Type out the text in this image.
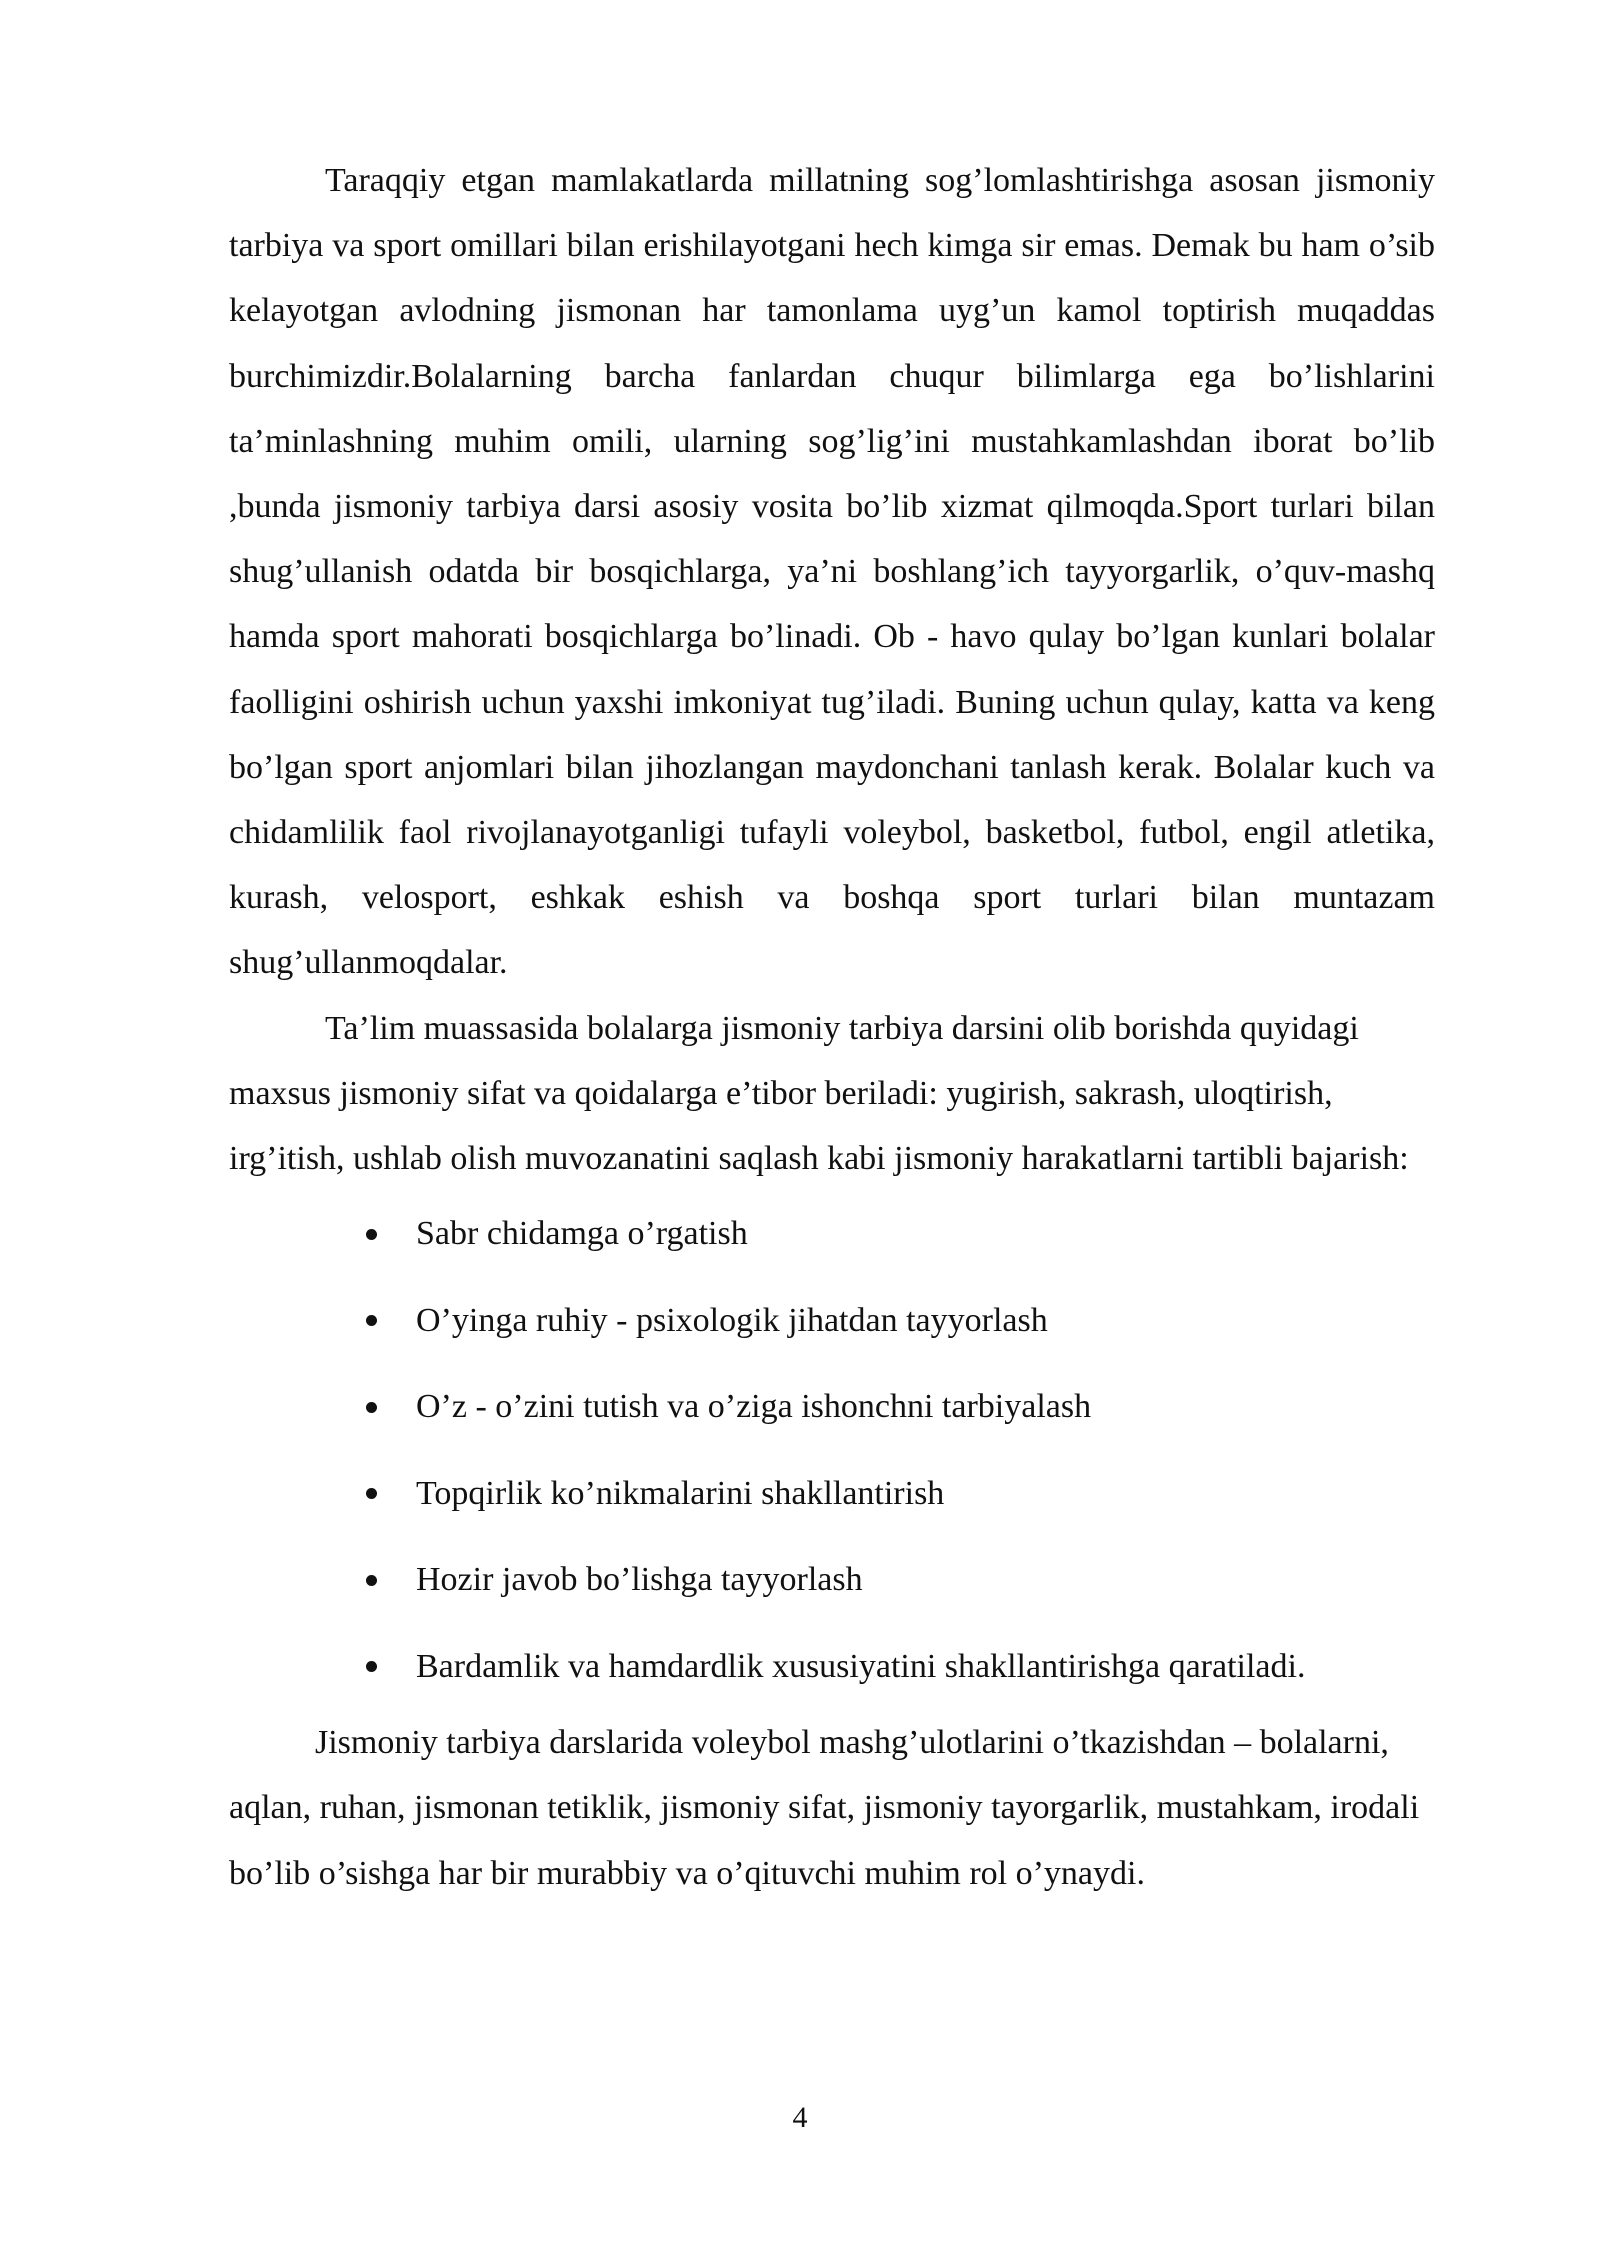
Taraqqiy etgan mamlakatlarda millatning sog’lomlashtirishga asosan jismoniy tarbiya va sport omillari bilan erishilayotgani hech kimga sir emas. Demak bu ham o’sib kelayotgan avlodning jismonan har tamonlama uyg’un kamol toptirish muqaddas burchimizdir.Bolalarning barcha fanlardan chuqur bilimlarga ega bo’lishlarini ta’minlashning muhim omili, ularning sog’lig’ini mustahkamlashdan iborat bo’lib ,bunda jismoniy tarbiya darsi asosiy vosita bo’lib xizmat qilmoqda.Sport turlari bilan shug’ullanish odatda bir bosqichlarga, ya’ni boshlang’ich tayyorgarlik, o’quv-mashq hamda sport mahorati bosqichlarga bo’linadi. Ob - havo qulay bo’lgan kunlari bolalar faolligini oshirish uchun yaxshi imkoniyat tug’iladi. Buning uchun qulay, katta va keng bo’lgan sport anjomlari bilan jihozlangan maydonchani tanlash kerak. Bolalar kuch va chidamlilik faol rivojlanayotganligi tufayli voleybol, basketbol, futbol, engil atletika, kurash, velosport, eshkak eshish va boshqa sport turlari bilan muntazam shug’ullanmoqdalar.

Ta’lim muassasida bolalarga jismoniy tarbiya darsini olib borishda quyidagi maxsus jismoniy sifat va qoidalarga e’tibor beriladi: yugirish, sakrash, uloqtirish, irg’itish, ushlab olish muvozanatini saqlash kabi jismoniy harakatlarni tartibli bajarish:

Sabr chidamga o’rgatish
O’yinga ruhiy - psixologik jihatdan tayyorlash
O’z - o’zini tutish va o’ziga ishonchni tarbiyalash
Topqirlik ko’nikmalarini shakllantirish
Hozir javob bo’lishga tayyorlash
Bardamlik va hamdardlik xususiyatini shakllantirishga qaratiladi.

Jismoniy tarbiya darslarida voleybol mashg’ulotlarini o’tkazishdan – bolalarni, aqlan, ruhan, jismonan tetiklik, jismoniy sifat, jismoniy tayorgarlik, mustahkam, irodali bo’lib o’sishga har bir murabbiy va o’qituvchi muhim rol o’ynaydi.

4
